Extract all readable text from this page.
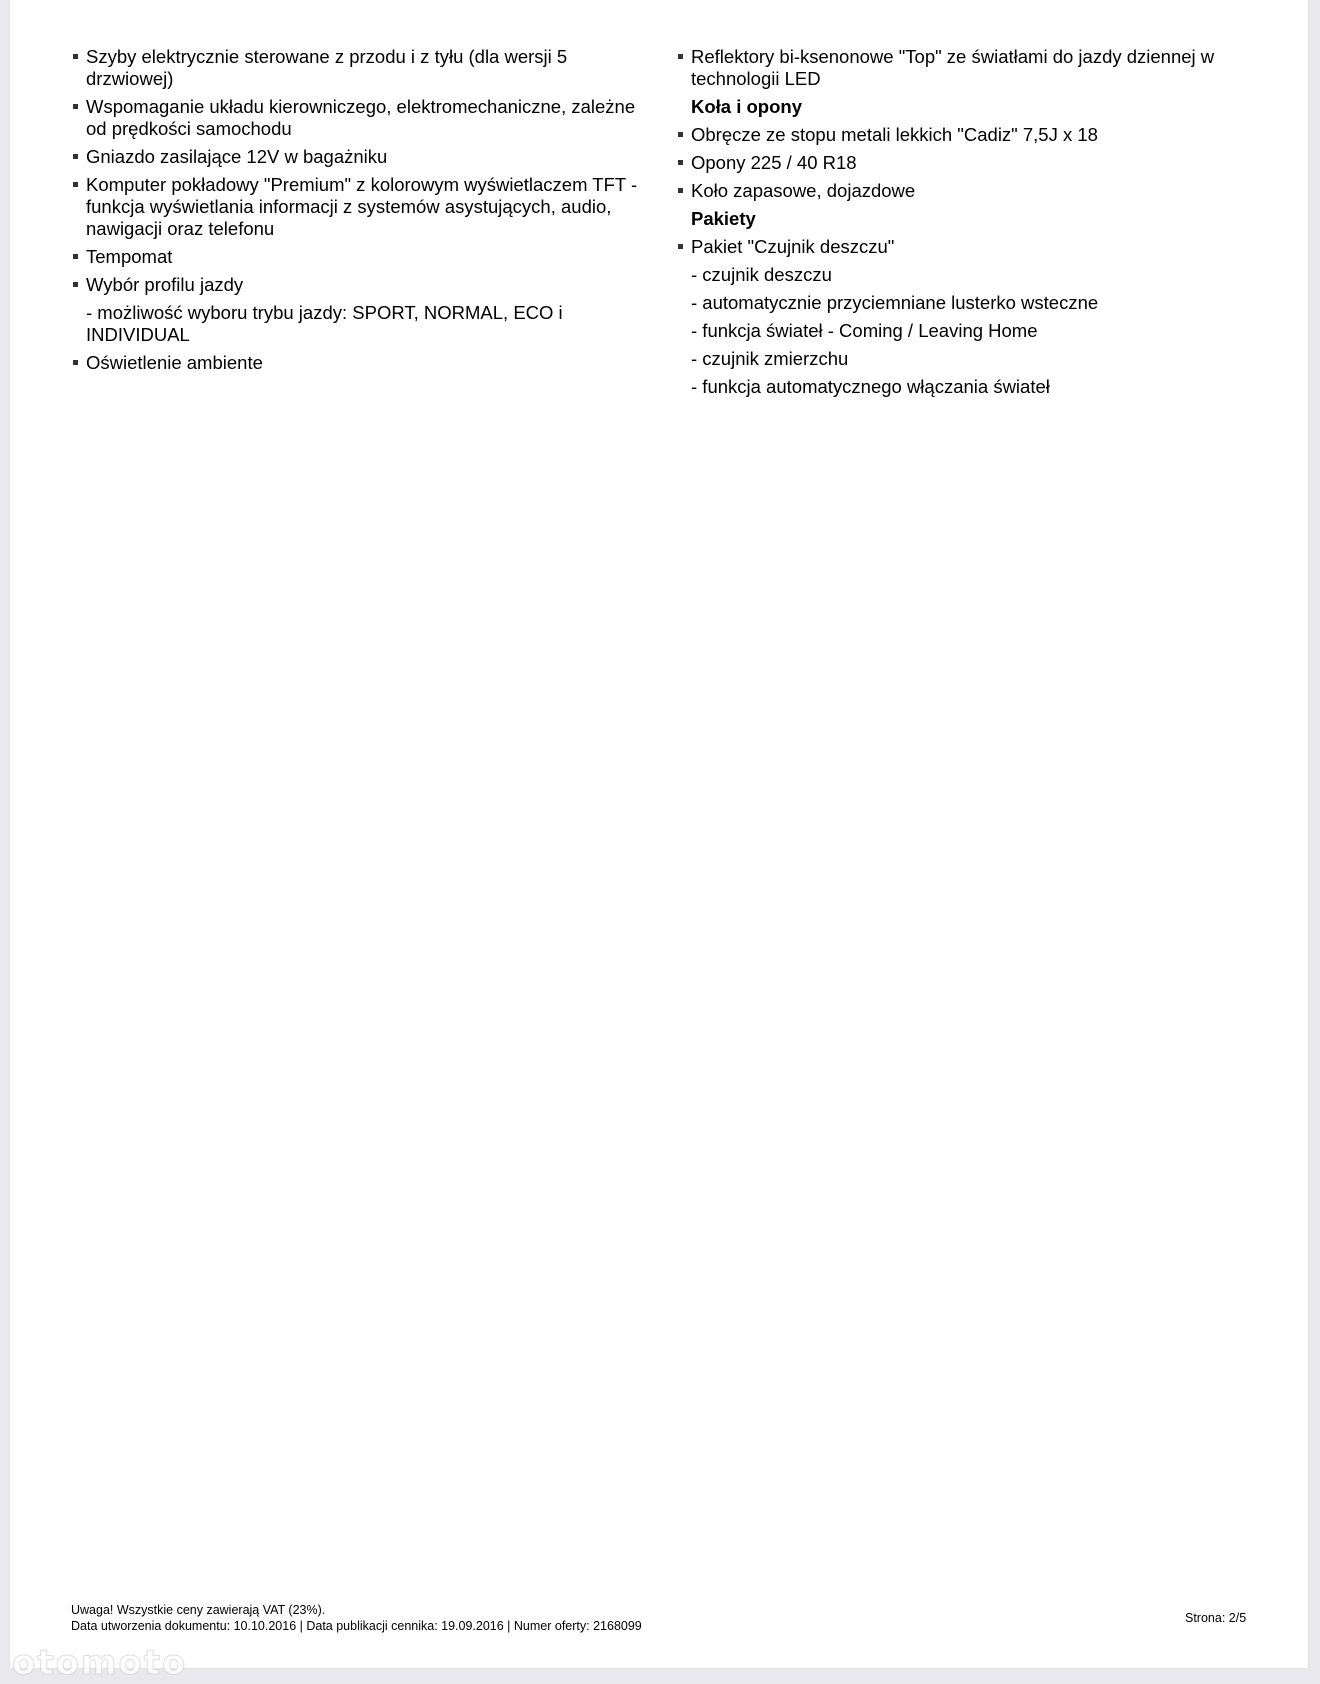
Szyby elektrycznie sterowane z przodu i z tyłu (dla wersji 5 drzwiowej)
Wspomaganie układu kierowniczego, elektromechaniczne, zależne od prędkości samochodu
Gniazdo zasilające 12V w bagażniku
Komputer pokładowy "Premium" z kolorowym wyświetlaczem TFT - funkcja wyświetlania informacji z systemów asystujących, audio, nawigacji oraz telefonu
Tempomat
Wybór profilu jazdy
- możliwość wyboru trybu jazdy: SPORT, NORMAL, ECO i INDIVIDUAL
Oświetlenie ambiente
Reflektory bi-ksenonowe "Top" ze światłami do jazdy dziennej w technologii LED
Koła i opony
Obręcze ze stopu metali lekkich "Cadiz" 7,5J x 18
Opony 225 / 40 R18
Koło zapasowe, dojazdowe
Pakiety
Pakiet "Czujnik deszczu"
- czujnik deszczu
- automatycznie przyciemniane lusterko wsteczne
- funkcja świateł - Coming / Leaving Home
- czujnik zmierzchu
- funkcja automatycznego włączania świateł
Uwaga! Wszystkie ceny zawierają VAT (23%).
Data utworzenia dokumentu: 10.10.2016 | Data publikacji cennika: 19.09.2016 | Numer oferty: 2168099
Strona: 2/5
otomoto
